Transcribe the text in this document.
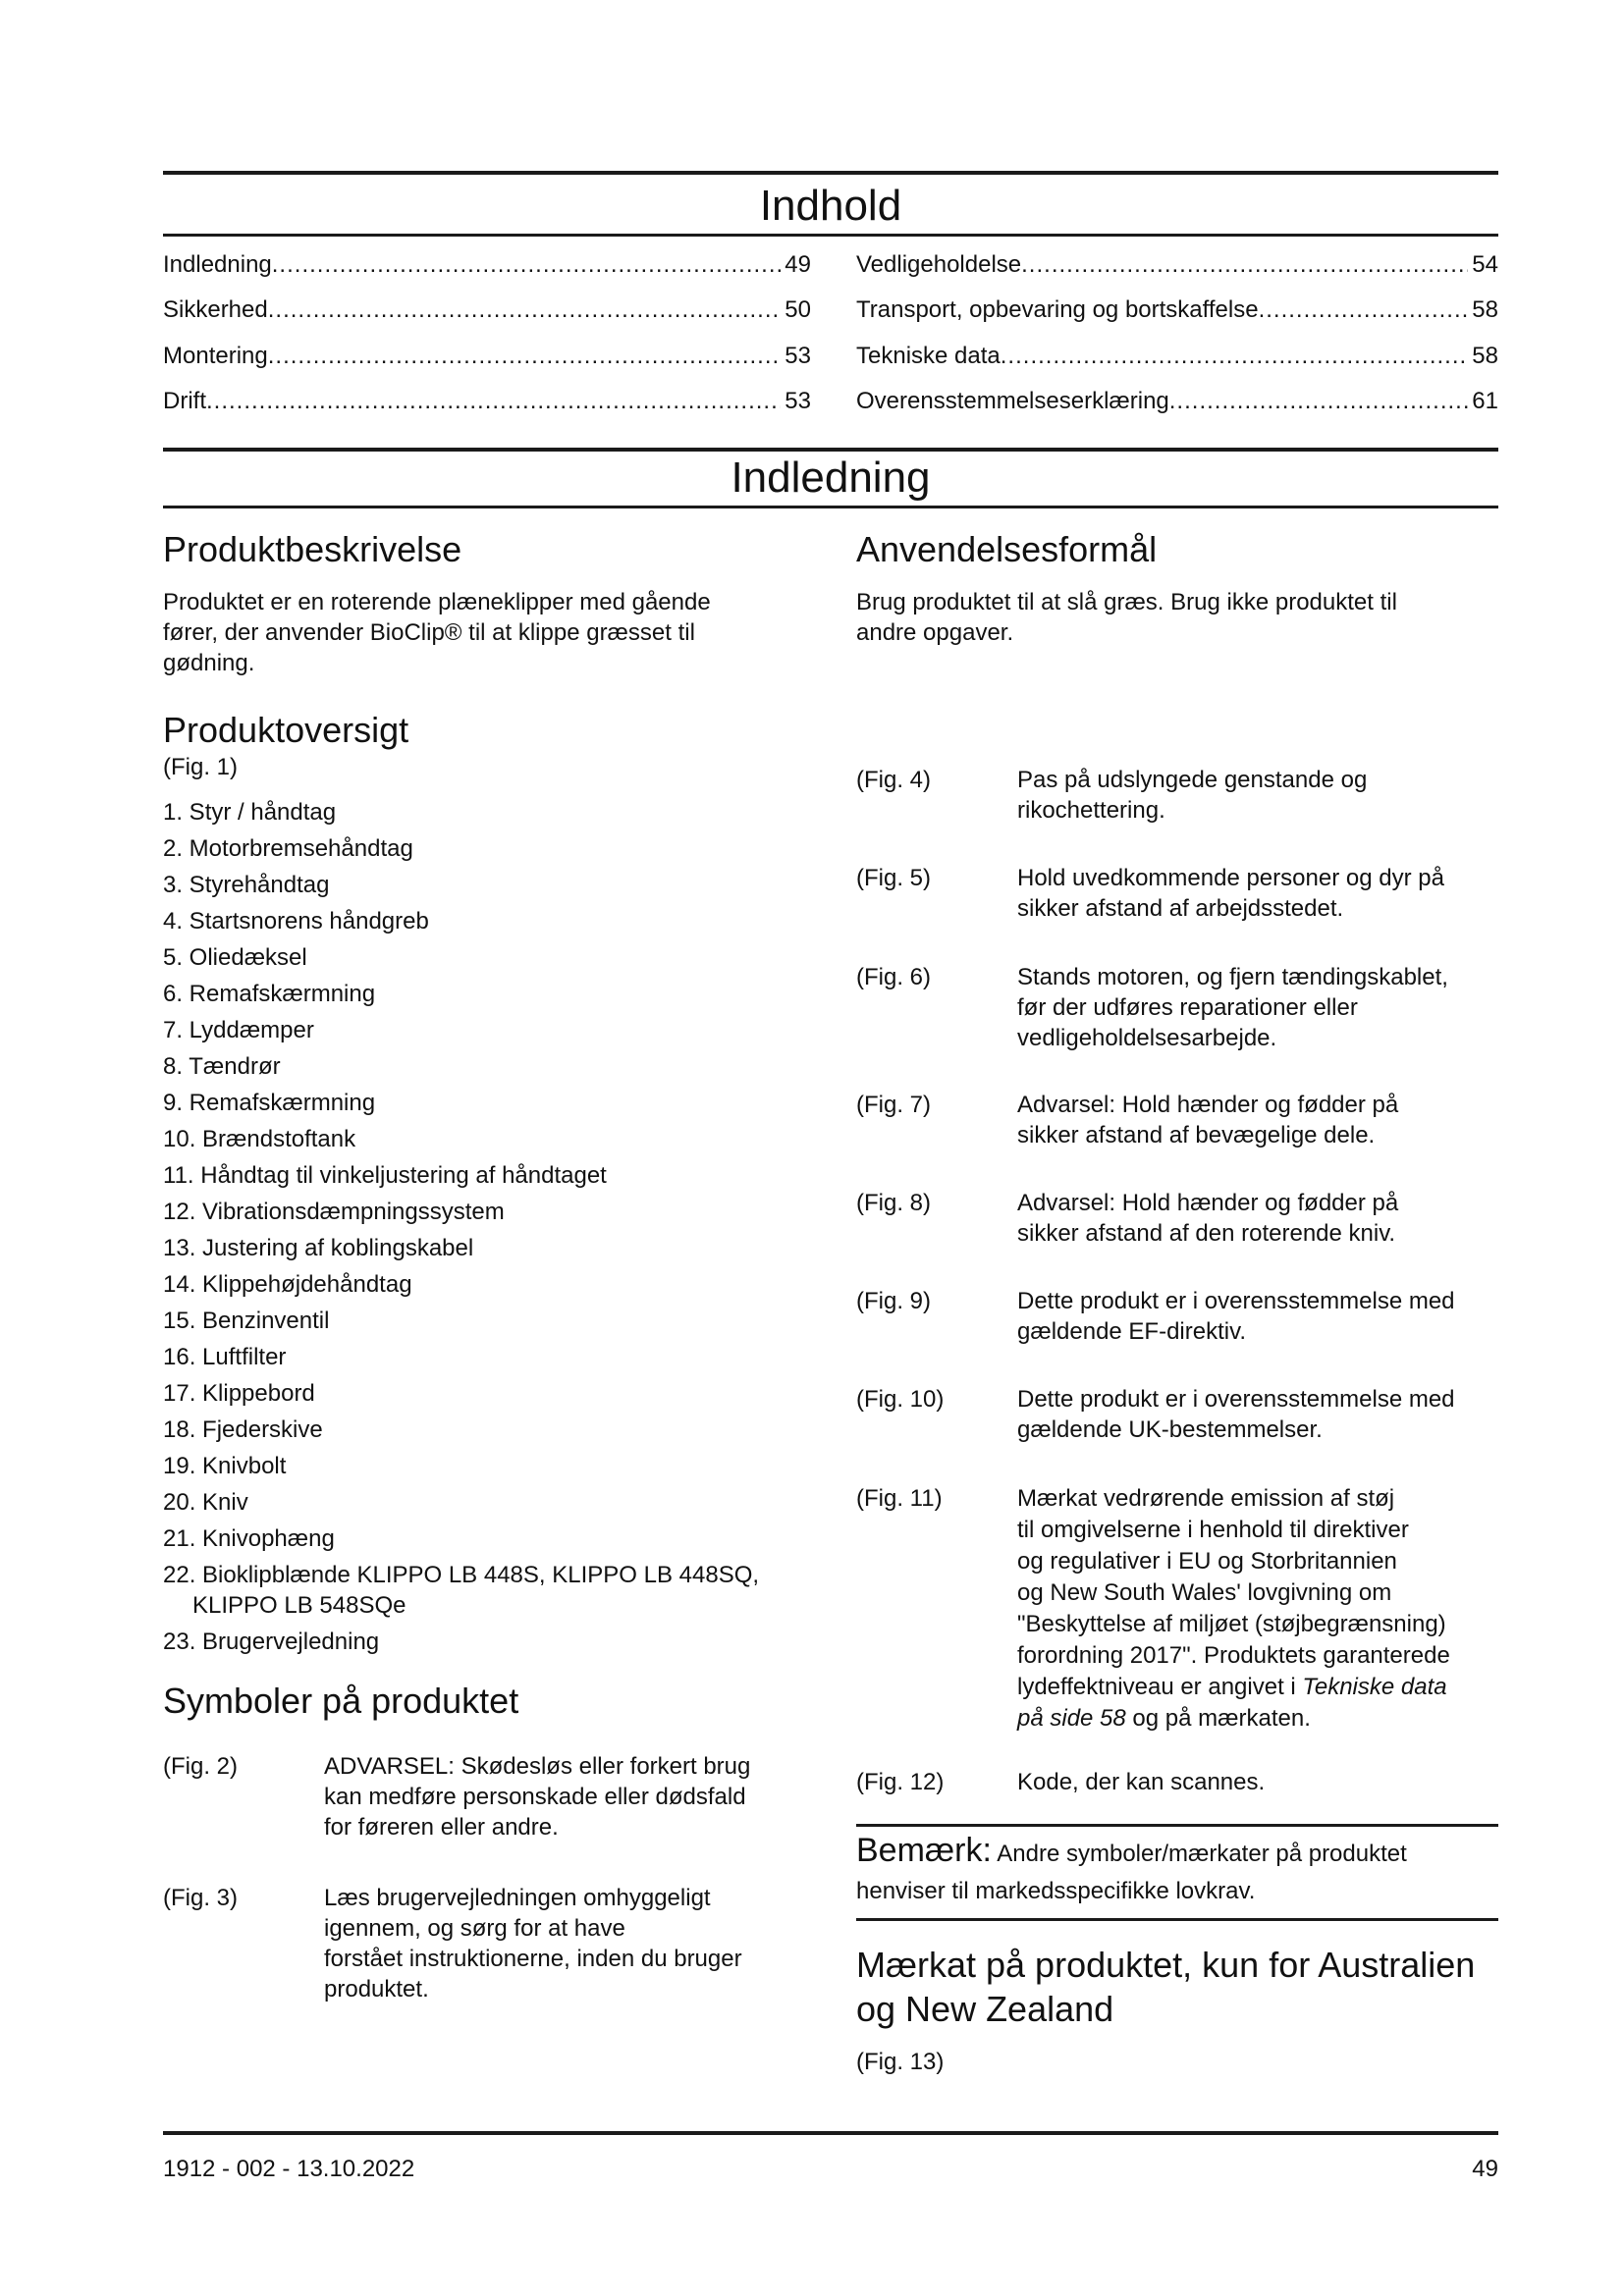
Indhold
Indledning .....	49
Sikkerhed .....	50
Montering .....	53
Drift .....	53
Vedligeholdelse .....	54
Transport, opbevaring og bortskaffelse .....	58
Tekniske data .....	58
Overensstemmelseserklæring .....	61
Indledning
Produktbeskrivelse
Produktet er en roterende plæneklipper med gående
fører, der anvender BioClip® til at klippe græsset til
gødning.
Anvendelsesformål
Brug produktet til at slå græs. Brug ikke produktet til
andre opgaver.
Produktoversigt
(Fig. 1)
1. Styr / håndtag
2. Motorbremsehåndtag
3. Styrehåndtag
4. Startsnorens håndgreb
5. Oliedæksel
6. Remafskærmning
7. Lyddæmper
8. Tændrør
9. Remafskærmning
10. Brændstoftank
11. Håndtag til vinkeljustering af håndtaget
12. Vibrationsdæmpningssystem
13. Justering af koblingskabel
14. Klippehøjdehåndtag
15. Benzinventil
16. Luftfilter
17. Klippebord
18. Fjederskive
19. Knivbolt
20. Kniv
21. Knivophæng
22. Bioklipblænde KLIPPO LB 448S, KLIPPO LB 448SQ, KLIPPO LB 548SQe
23. Brugervejledning
Symboler på produktet
(Fig. 2)	ADVARSEL: Skødesløs eller forkert brug
kan medføre personskade eller dødsfald
for føreren eller andre.
(Fig. 3)	Læs brugervejledningen omhyggeligt
igennem, og sørg for at have
forstået instruktionerne, inden du bruger
produktet.
(Fig. 4)	Pas på udslyngede genstande og
rikochettering.
(Fig. 5)	Hold uvedkommende personer og dyr på
sikker afstand af arbejdsstedet.
(Fig. 6)	Stands motoren, og fjern tændingskablet,
før der udføres reparationer eller
vedligeholdelsesarbejde.
(Fig. 7)	Advarsel: Hold hænder og fødder på
sikker afstand af bevægelige dele.
(Fig. 8)	Advarsel: Hold hænder og fødder på
sikker afstand af den roterende kniv.
(Fig. 9)	Dette produkt er i overensstemmelse med
gældende EF-direktiv.
(Fig. 10)	Dette produkt er i overensstemmelse med
gældende UK-bestemmelser.
(Fig. 11)	Mærkat vedrørende emission af støj
til omgivelserne i henhold til direktiver
og regulativer i EU og Storbritannien
og New South Wales' lovgivning om
"Beskyttelse af miljøet (støjbegrænsning)
forordning 2017". Produktets garanterede
lydeffektniveau er angivet i Tekniske data
på side 58 og på mærkaten.
(Fig. 12)	Kode, der kan scannes.
Bemærk: Andre symboler/mærkater på produktet
henviser til markedsspecifikke lovkrav.
Mærkat på produktet, kun for Australien
og New Zealand
(Fig. 13)
1912 - 002 - 13.10.2022	49
